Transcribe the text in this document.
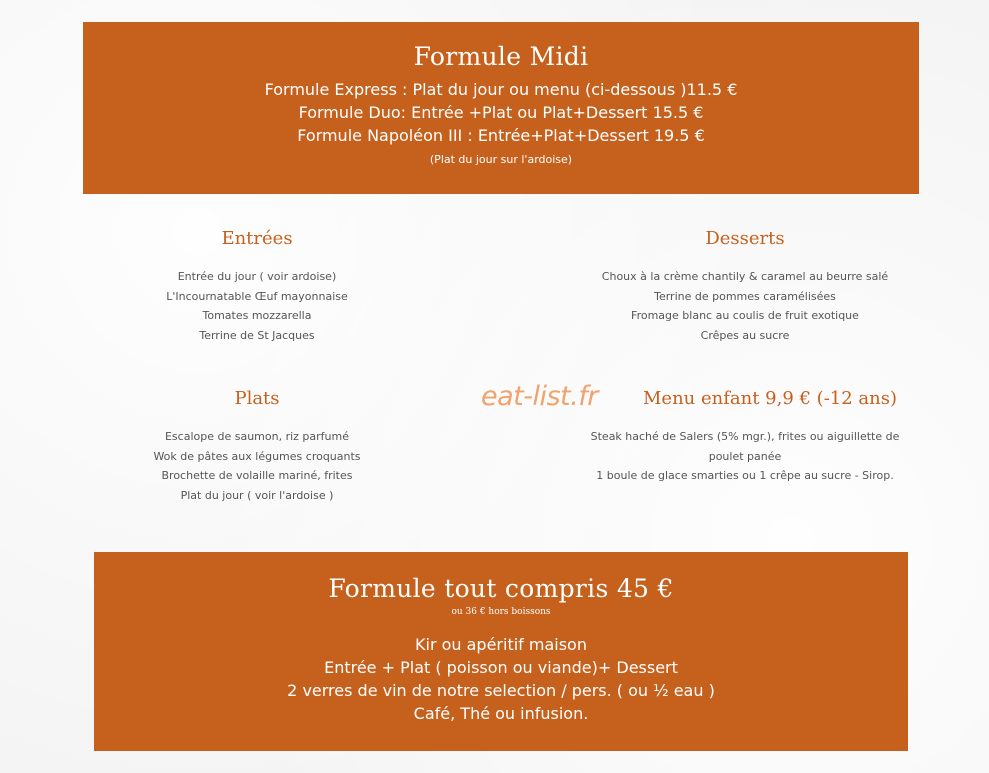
Formule Midi
Formule Express : Plat du jour ou menu (ci-dessous )11.5 €
Formule Duo: Entrée +Plat ou Plat+Dessert 15.5 €
Formule Napoléon III : Entrée+Plat+Dessert 19.5 €
(Plat du jour sur l'ardoise)
Entrées
Entrée du jour ( voir ardoise)
L'Incournatable Œuf mayonnaise
Tomates mozzarella
Terrine de St Jacques
Desserts
Choux à la crème chantily & caramel au beurre salé
Terrine de pommes caramélisées
Fromage blanc au coulis de fruit exotique
Crêpes au sucre
Plats
Escalope de saumon, riz parfumé
Wok de pâtes aux légumes croquants
Brochette de volaille mariné, frites
Plat du jour ( voir l'ardoise )
eat-list.fr	Menu enfant 9,9 € (-12 ans)
Steak haché de Salers (5% mgr.), frites ou aiguillette de poulet panée
1 boule de glace smarties ou 1 crêpe au sucre - Sirop.
Formule tout compris 45 €
ou 36 € hors boissons
Kir ou apéritif maison
Entrée + Plat ( poisson ou viande)+ Dessert
2 verres de vin de notre selection / pers. ( ou ½ eau )
Café, Thé ou infusion.
